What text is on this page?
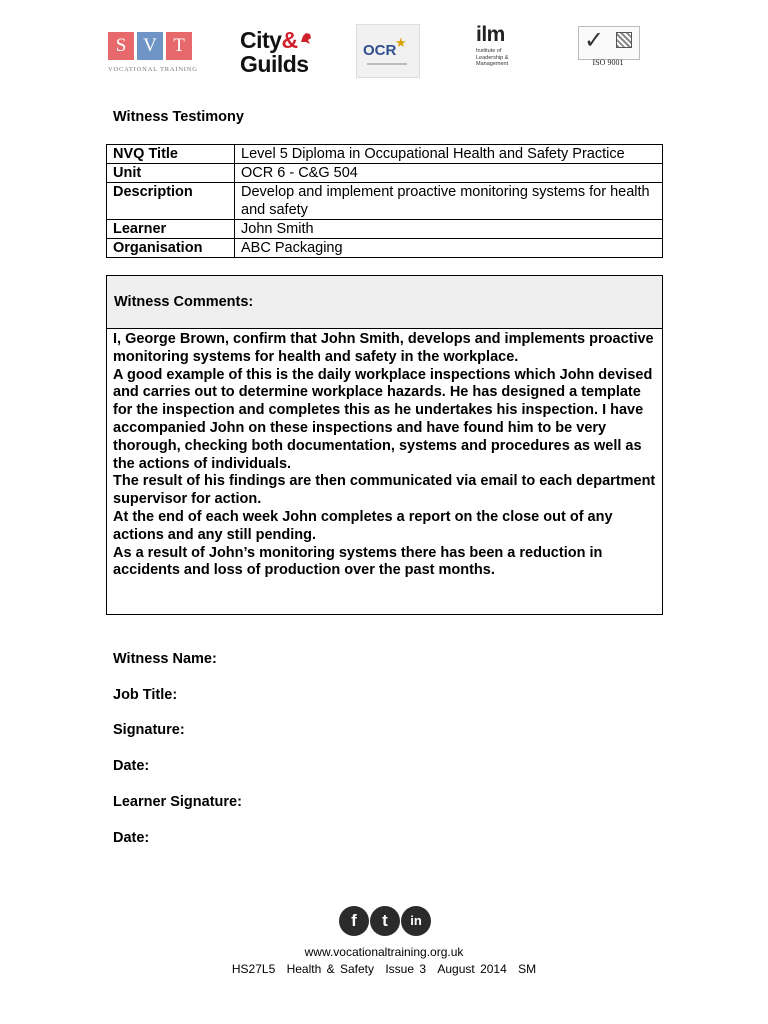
S V T
VOCATIONAL TRAINING
City&
Guilds
OCR
★	ilm
Institute of
Leadership &
Management
✓
ISO 9001
Witness Testimony
NVQ Title	Level 5 Diploma in Occupational Health and Safety Practice
Unit	OCR 6 - C&G 504
Description	Develop and implement proactive monitoring systems for health and safety
Learner	John Smith
Organisation	ABC Packaging
Witness Comments:

I, George Brown, confirm that John Smith, develops and implements proactive monitoring systems for health and safety in the workplace.

A good example of this is the daily workplace inspections which John devised and carries out to determine workplace hazards. He has designed a template for the inspection and completes this as he undertakes his inspection. I have accompanied John on these inspections and have found him to be very thorough, checking both documentation, systems and procedures as well as the actions of individuals.

The result of his findings are then communicated via email to each department supervisor for action.

At the end of each week John completes a report on the close out of any actions and any still pending.

As a result of John’s monitoring systems there has been a reduction in accidents and loss of production over the past months.

Witness Name:
Job Title:
Signature:
Date:
Learner Signature:
Date:
f	t	in
www.vocationaltraining.org.uk
HS27L5 Health & Safety Issue 3 August 2014 SM
